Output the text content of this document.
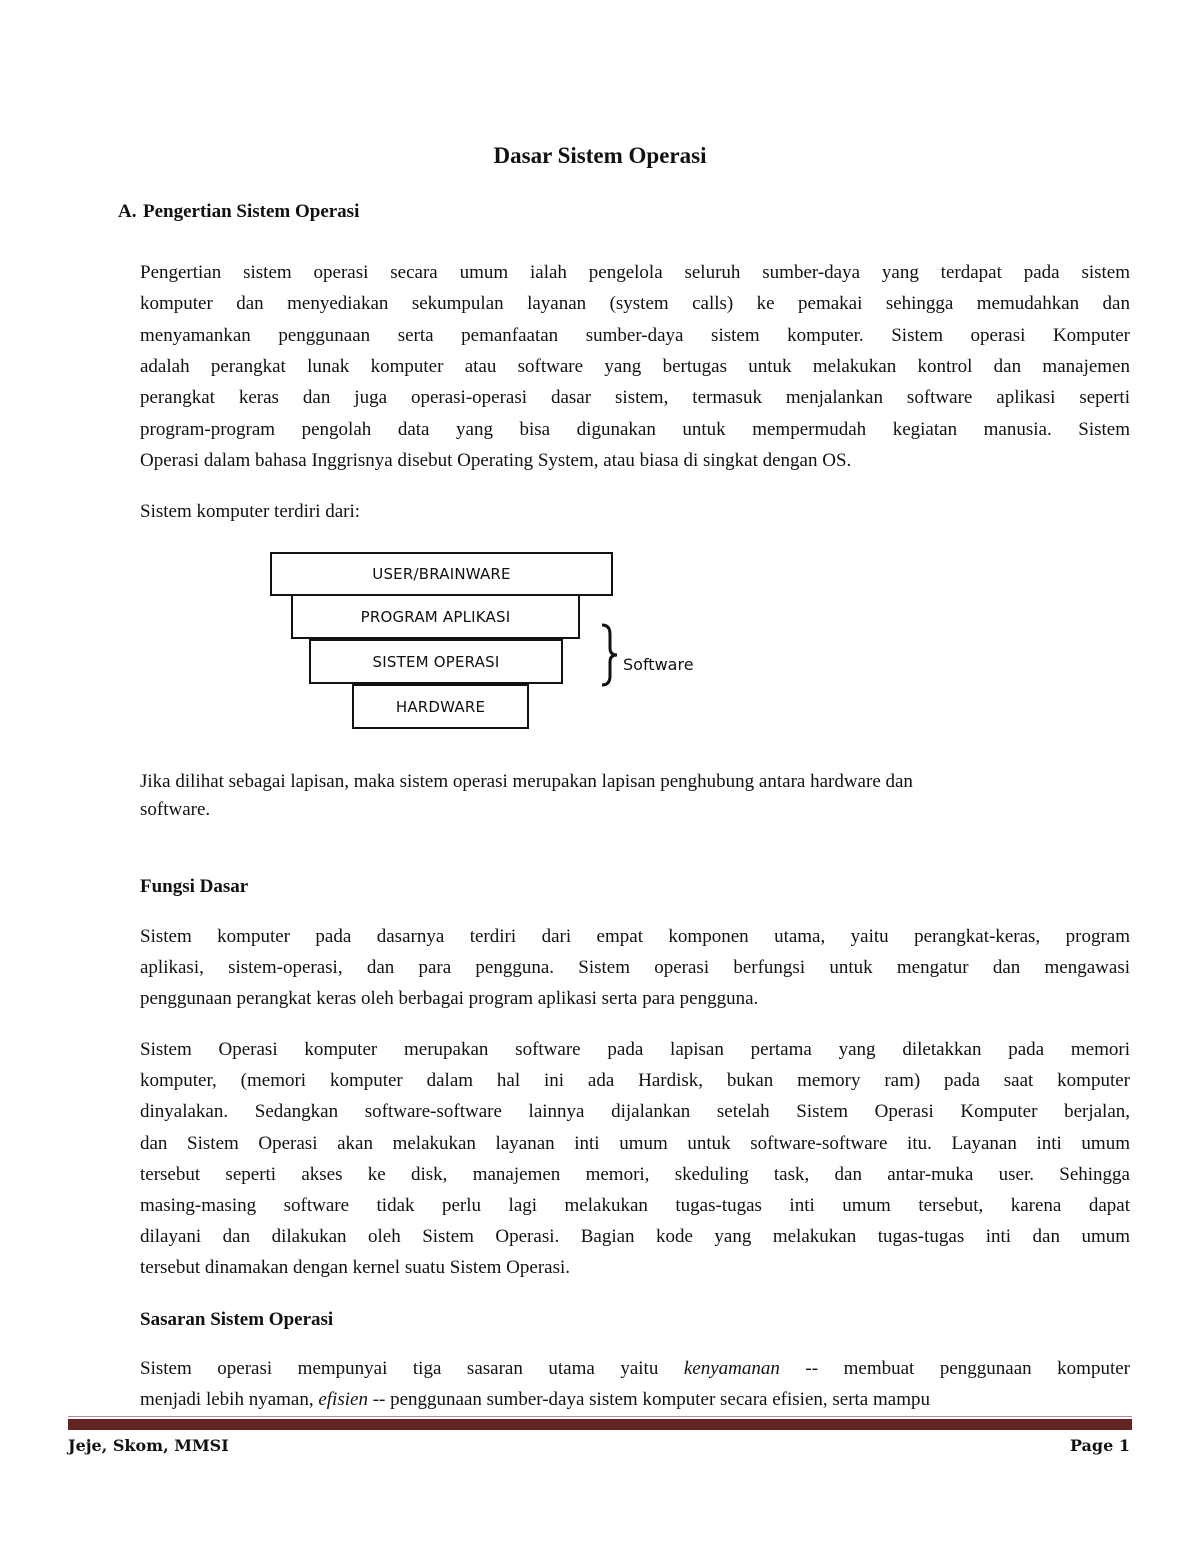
Dasar Sistem Operasi
A. Pengertian Sistem Operasi
Pengertian sistem operasi secara umum ialah pengelola seluruh sumber-daya yang terdapat pada sistem
komputer dan menyediakan sekumpulan layanan (system calls) ke pemakai sehingga memudahkan dan
menyamankan penggunaan serta pemanfaatan sumber-daya sistem komputer. Sistem operasi Komputer
adalah perangkat lunak komputer atau software yang bertugas untuk melakukan kontrol dan manajemen
perangkat keras dan juga operasi-operasi dasar sistem, termasuk menjalankan software aplikasi seperti
program-program pengolah data yang bisa digunakan untuk mempermudah kegiatan manusia. Sistem
Operasi dalam bahasa Inggrisnya disebut Operating System, atau biasa di singkat dengan OS.
Sistem komputer terdiri dari:
USER/BRAINWARE
PROGRAM APLIKASI
SISTEM OPERASI
HARDWARE
Software
Jika dilihat sebagai lapisan, maka sistem operasi merupakan lapisan penghubung antara hardware dan
software.
Fungsi Dasar
Sistem komputer pada dasarnya terdiri dari empat komponen utama, yaitu perangkat-keras, program
aplikasi, sistem-operasi, dan para pengguna. Sistem operasi berfungsi untuk mengatur dan mengawasi
penggunaan perangkat keras oleh berbagai program aplikasi serta para pengguna.
Sistem Operasi komputer merupakan software pada lapisan pertama yang diletakkan pada memori
komputer, (memori komputer dalam hal ini ada Hardisk, bukan memory ram) pada saat komputer
dinyalakan. Sedangkan software-software lainnya dijalankan setelah Sistem Operasi Komputer berjalan,
dan Sistem Operasi akan melakukan layanan inti umum untuk software-software itu. Layanan inti umum
tersebut seperti akses ke disk, manajemen memori, skeduling task, dan antar-muka user. Sehingga
masing-masing software tidak perlu lagi melakukan tugas-tugas inti umum tersebut, karena dapat
dilayani dan dilakukan oleh Sistem Operasi. Bagian kode yang melakukan tugas-tugas inti dan umum
tersebut dinamakan dengan kernel suatu Sistem Operasi.
Sasaran Sistem Operasi
Sistem operasi mempunyai tiga sasaran utama yaitu kenyamanan -- membuat penggunaan komputer
menjadi lebih nyaman, efisien -- penggunaan sumber-daya sistem komputer secara efisien, serta mampu
Jeje, Skom, MMSI	Page 1
